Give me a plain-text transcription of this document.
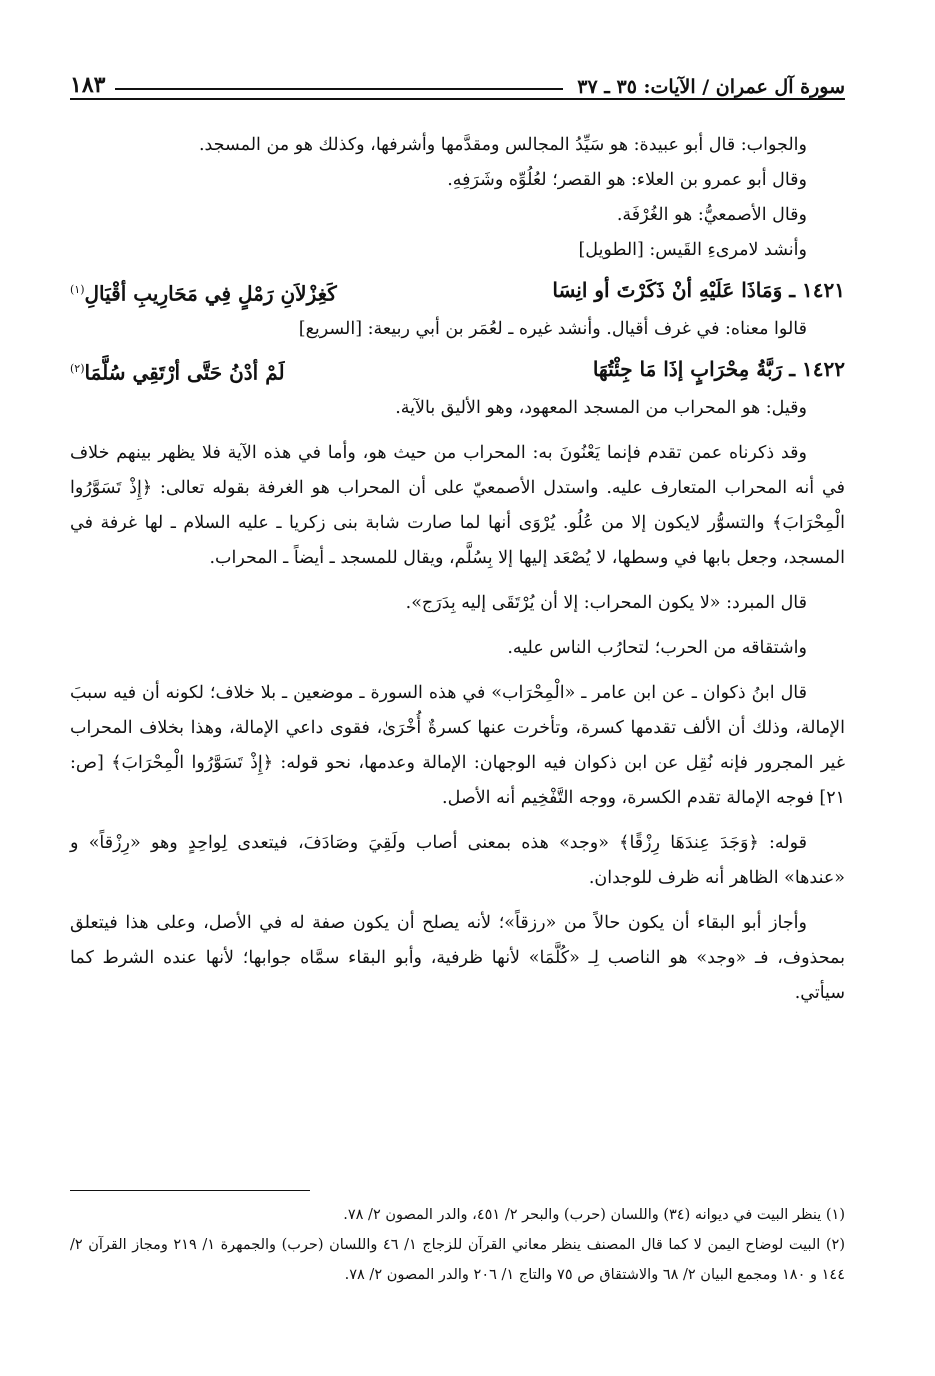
سورة آل عمران / الآيات: ٣٥ ـ ٣٧
١٨٣

والجواب: قال أبو عبيدة: هو سَيِّدُ المجالس ومقدَّمها وأشرفها، وكذلك هو من المسجد.

وقال أبو عمرو بن العلاء: هو القصر؛ لعُلُوِّه وشَرَفِهِ.

وقال الأصمعيُّ: هو الغُرْفَة.

وأنشد لامرىءِ القَيس: [الطويل]

١٤٢١ ـ وَمَاذَا عَلَيْهِ أنْ ذَكَرْتَ أو انِسَا
كَغِزْلاَنِ رَمْلٍ فِي مَحَارِيبِ أقْيَالِ$^{(١)}$

قالوا معناه: في غرف أقيال. وأنشد غيره ـ لعُمَر بن أبي ربيعة: [السريع]

١٤٢٢ ـ رَبَّةُ مِحْرَابٍ إذَا مَا جِئْتُهَا
لَمْ أدْنُ حَتَّى أرْتَقِي سُلَّمَا$^{(٢)}$

وقيل: هو المحراب من المسجد المعهود، وهو الأليق بالآية.

وقد ذكرناه عمن تقدم فإنما يَعْنُونَ به: المحراب من حيث هو، وأما في هذه الآية فلا يظهر بينهم خلاف في أنه المحراب المتعارف عليه. واستدل الأصمعيّ على أن المحراب هو الغرفة بقوله تعالى: ﴿إِذْ تَسَوَّرُوا الْمِحْرَابَ﴾ والتسوُّر لايكون إلا من عُلُو. يُرْوَى أنها لما صارت شابة بنى زكريا ـ عليه السلام ـ لها غرفة في المسجد، وجعل بابها في وسطها، لا يُصْعَد إليها إلا بِسُلَّم، ويقال للمسجد ـ أيضاً ـ المحراب.

قال المبرد: «لا يكون المحراب: إلا أن يُرْتَقَى إليه بِدَرَج».

واشتقاقه من الحرب؛ لتحارُب الناس عليه.

قال ابنُ ذكوان ـ عن ابن عامر ـ «الْمِحْرَاب» في هذه السورة ـ موضعين ـ بلا خلاف؛ لكونه أن فيه سببَ الإمالة، وذلك أن الألف تقدمها كسرة، وتأخرت عنها كسرةٌ أُخْرَىٰ، فقوى داعي الإمالة، وهذا بخلاف المحراب غير المجرور فإنه نُقِل عن ابن ذكوان فيه الوجهان: الإمالة وعدمها، نحو قوله: ﴿إِذْ تَسَوَّرُوا الْمِحْرَابَ﴾ [ص: ٢١] فوجه الإمالة تقدم الكسرة، ووجه التَّفْخِيم أنه الأصل.

قوله: ﴿وَجَدَ عِندَهَا رِزْقًا﴾ «وجد» هذه بمعنى أصاب ولَقِيَ وصَادَفَ، فيتعدى لِواحِدٍ وهو «رِزْقاً» و «عندها» الظاهر أنه ظرف للوجدان.

وأجاز أبو البقاء أن يكون حالاً من «رزقاً»؛ لأنه يصلح أن يكون صفة له في الأصل، وعلى هذا فيتعلق بمحذوف، فـ «وجد» هو الناصب لِـ «كُلَّمَا» لأنها ظرفية، وأبو البقاء سمَّاه جوابها؛ لأنها عنده الشرط كما سيأتي.

(١) ينظر البيت في ديوانه (٣٤) واللسان (حرب) والبحر ٢/ ٤٥١، والدر المصون ٢/ ٧٨.

(٢) البيت لوضاح اليمن لا كما قال المصنف ينظر معاني القرآن للزجاج ١/ ٤٦ واللسان (حرب) والجمهرة ١/ ٢١٩ ومجاز القرآن ٢/ ١٤٤ و ١٨٠ ومجمع البيان ٢/ ٦٨ والاشتقاق ص ٧٥ والتاج ١/ ٢٠٦ والدر المصون ٢/ ٧٨.
